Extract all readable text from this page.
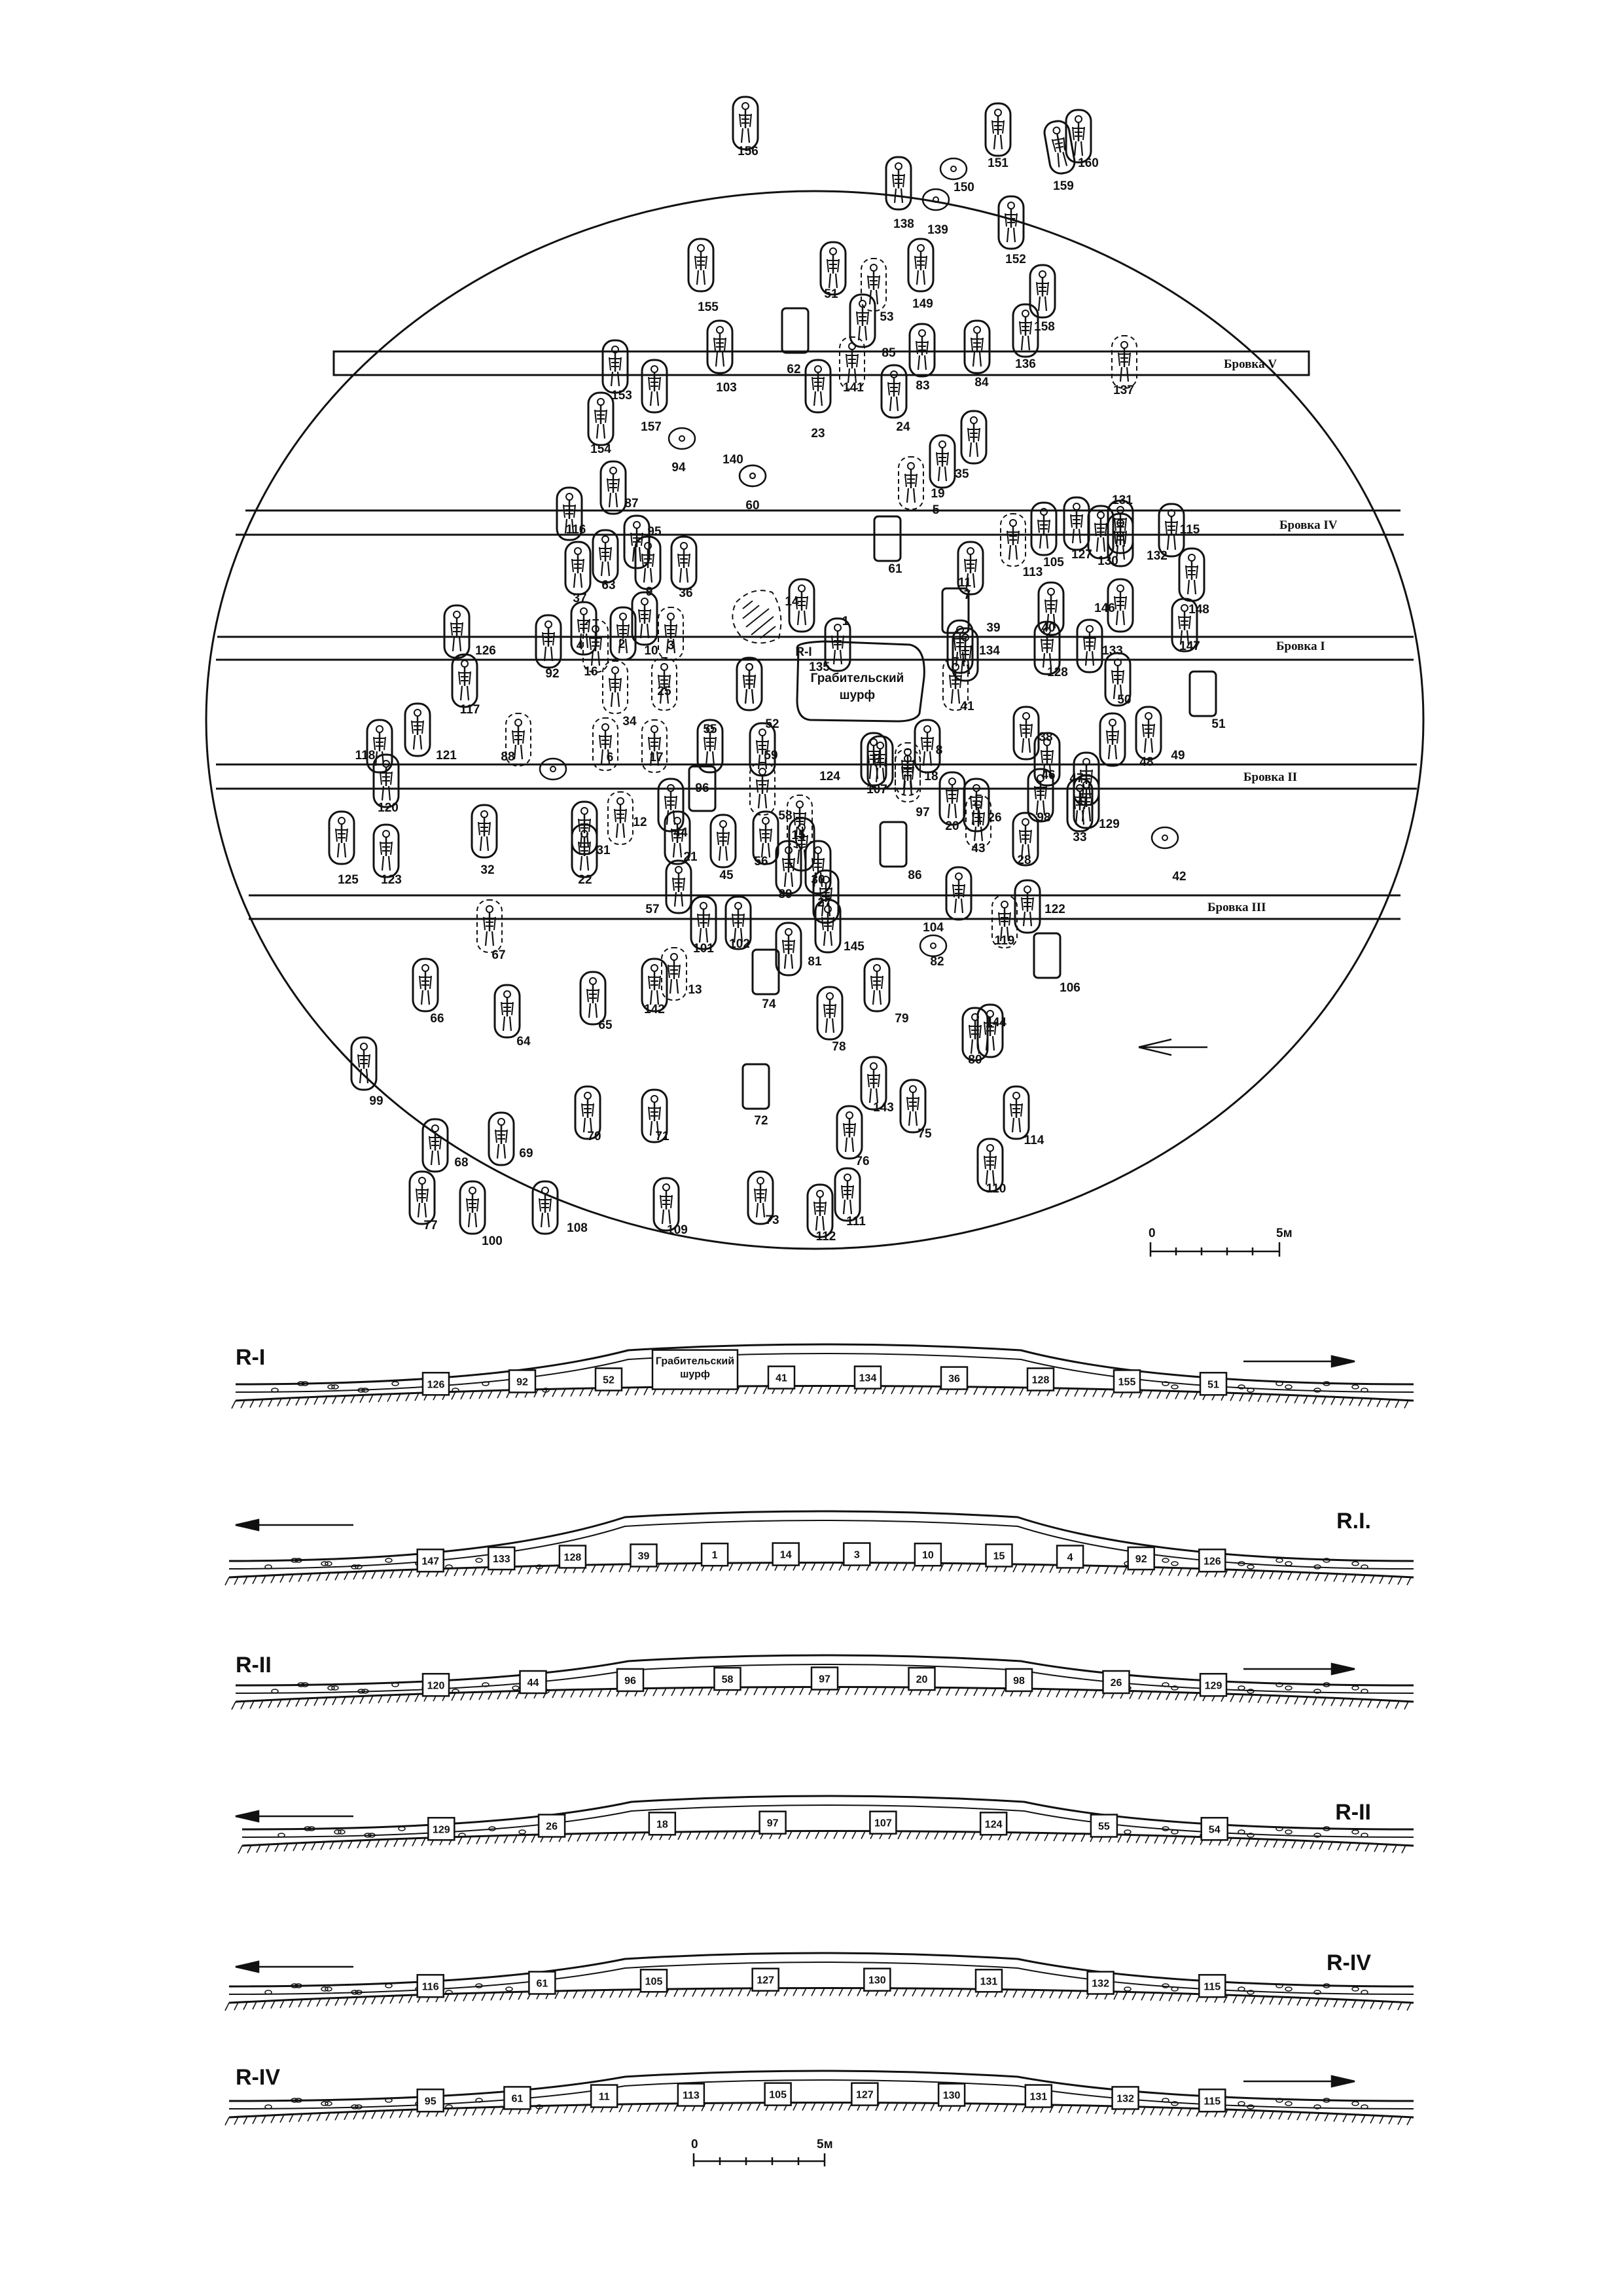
Бровка V
Бровка IV
Бровка I
Бровка II
Бровка III
Грабительский
шурф
156
151	160
159
150
138 139
152
51
149
53
155
158
85
136
103
62
141	83	84
137
23
153
157	24
154
94	35
140
60
19
5
116
87	131
95	115
105
127 130 132
113
61
63 9 36
37
11
148
14	7
146
40
1
R-I
39
126	4	2 10 3	134	133	147
128
92 16
25
135
117
50
51
41
52
34
38
8	49
48
118	121	88
55
59
6	17
124
107
18	46 47
120
96
58	97
20
26	98
12
44
129
33
31	21
15
43
28
32
125 123	22	45
56
86	42
89
30
57	27
104
122
119
67	101 102	145
81	82
106
13
66
142	74
79
65
64
144
78
80
99	143
72
70	71	75	114
69
76
68
110
73	111
112
109
108
77
100
0	5м
126	92	52
Грабительский
шурф	41	134	36	128	155	51
R-I
147	133	128	39	1	14	3	10	15	4	92	126
R.I.
120	44	96	58	97	20	98	26	129
R-II
129	26	18	97	107	124	55	54
R-II
116	61	105	127	130	131	132	115
R-IV
95	61	11	113	105	127	130	131	132	115
R-IV
0	5м
